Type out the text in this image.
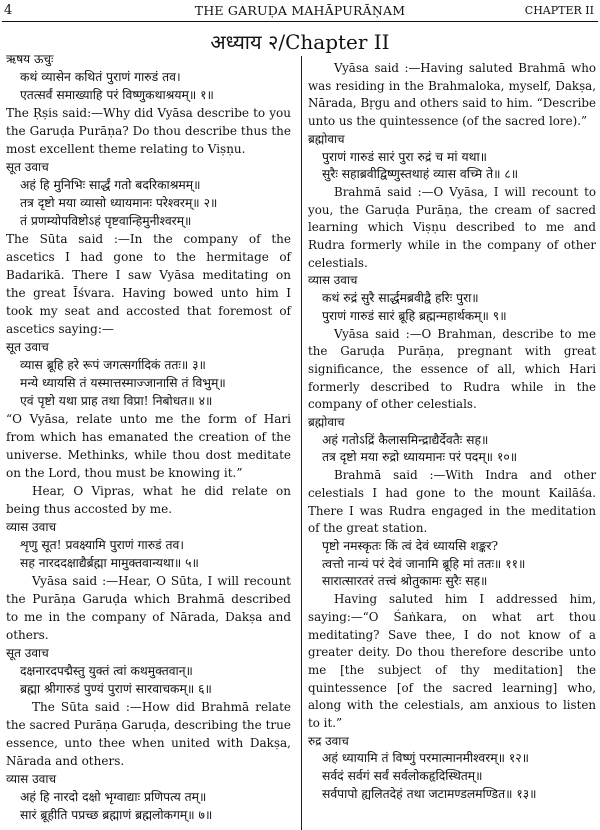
4	THE GARUḌA MAHĀPURĀṆAM	CHAPTER II
अध्याय २/Chapter II
ऋषय ऊचुः
कथं व्यासेन कथितं पुराणं गारुडं तव।
एतत्सर्वं समाख्याहि परं विष्णुकथाश्रयम्॥ १॥

The Ṛṣis said:—Why did Vyāsa describe to you the Garuḍa Purāṇa? Do thou describe thus the most excellent theme relating to Viṣṇu.

सूत उवाच
अहं हि मुनिभिः सार्द्धं गतो बदरिकाश्रमम्॥
तत्र दृष्टो मया व्यासो ध्यायमानः परेश्वरम्॥ २॥
तं प्रणम्योपविष्टोऽहं पृष्टवान्हिमुनीश्वरम्॥

The Sūta said :—In the company of the ascetics I had gone to the hermitage of Badarikā. There I saw Vyāsa meditating on the great Īśvara. Having bowed unto him I took my seat and accosted that foremost of ascetics saying:—

सूत उवाच
व्यास ब्रूहि हरे रूपं जगत्सर्गादिकं ततः॥ ३॥
मन्ये ध्यायसि तं यस्मात्तस्माज्जानासि तं विभुम्॥
एवं पृष्टो यथा प्राह तथा विप्रा! निबोधत॥ ४॥

“O Vyāsa, relate unto me the form of Hari from which has emanated the creation of the universe. Methinks, while thou dost meditate on the Lord, thou must be knowing it.”

Hear, O Vipras, what he did relate on being thus accosted by me.

व्यास उवाच
शृणु सूत! प्रवक्ष्यामि पुराणं गारुडं तव।
सह नारददक्षाद्यैर्ब्रह्मा मामुक्तवान्यथा॥ ५॥

Vyāsa said :—Hear, O Sūta, I will recount the Purāṇa Garuḍa which Brahmā described to me in the company of Nārada, Dakṣa and others.

सूत उवाच
दक्षनारदपद्मैस्तु युक्तं त्वां कथमुक्तवान्॥
ब्रह्मा श्रीगारुडं पुण्यं पुराणं सारवाचकम्॥ ६॥

The Sūta said :—How did Brahmā relate the sacred Purāṇa Garuḍa, describing the true essence, unto thee when united with Dakṣa, Nārada and others.

व्यास उवाच
अहं हि नारदो दक्षो भृग्वाद्याः प्रणिपत्य तम्॥
सारं ब्रूहीति पप्रच्छ ब्रह्माणं ब्रह्मलोकगम्॥ ७॥

Vyāsa said :—Having saluted Brahmā who was residing in the Brahmaloka, myself, Dakṣa, Nārada, Bṛgu and others said to him. “Describe unto us the quintessence (of the sacred lore).”

ब्रह्मोवाच
पुराणं गारुडं सारं पुरा रुद्रं च मां यथा॥
सुरैः सहाब्रवीद्विष्णुस्तथाहं व्यास वच्मि ते॥ ८॥

Brahmā said :—O Vyāsa, I will recount to you, the Garuḍa Purāṇa, the cream of sacred learning which Viṣṇu described to me and Rudra formerly while in the company of other celestials.

व्यास उवाच
कथं रुद्रं सुरै सार्द्धमब्रवीद्वै हरिः पुरा॥
पुराणं गारुडं सारं ब्रूहि ब्रह्मन्महार्थकम्॥ ९॥

Vyāsa said :—O Brahman, describe to me the Garuḍa Purāṇa, pregnant with great significance, the essence of all, which Hari formerly described to Rudra while in the company of other celestials.

ब्रह्मोवाच
अहं गतोऽद्रिं कैलासमिन्द्राद्यैर्देवतैः सह॥
तत्र दृष्टो मया रुद्रो ध्यायमानः परं पदम्॥ १०॥

Brahmā said :—With Indra and other celestials I had gone to the mount Kailāśa. There I was Rudra engaged in the meditation of the great station.

पृष्टो नमस्कृतः किं त्वं देवं ध्यायसि शङ्कर?
त्वत्तो नान्यं परं देवं जानामि ब्रूहि मां ततः॥ ११॥
सारात्सारतरं तत्त्वं श्रोतुकामः सुरैः सह॥

Having saluted him I addressed him, saying:—“O Śaṅkara, on what art thou meditating? Save thee, I do not know of a greater deity. Do thou therefore describe unto me [the subject of thy meditation] the quintessence [of the sacred learning] who, along with the celestials, am anxious to listen to it.”

रुद्र उवाच
अहं ध्यायामि तं विष्णुं परमात्मानमीश्वरम्॥ १२॥
सर्वदं सर्वगं सर्वं सर्वलोकहृदिस्थितम्॥
सर्वपापो ह्यलितदेहं तथा जटामण्डलमण्डित॥ १३॥
